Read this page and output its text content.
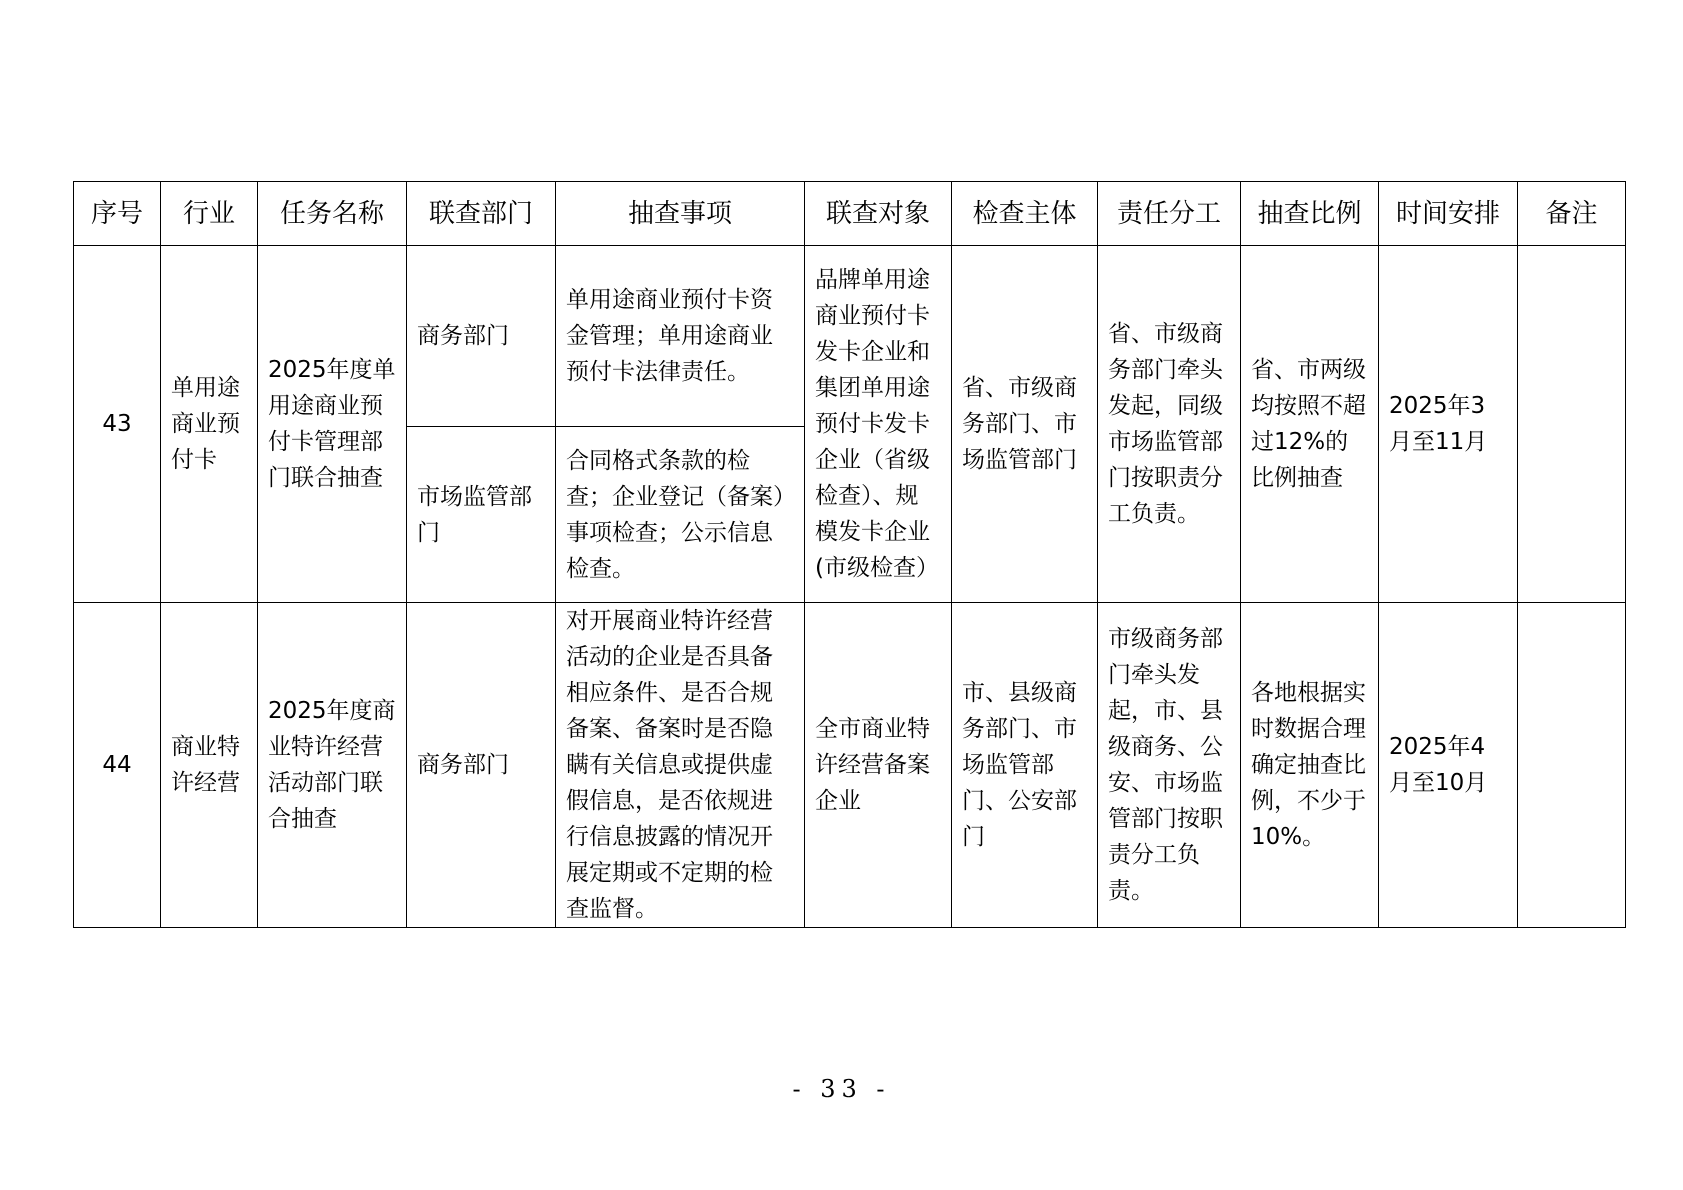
序号	行业	任务名称	联查部门	抽查事项	联查对象	检查主体	责任分工	抽查比例	时间安排	备注
43	单用途商业预付卡	2025年度单用途商业预付卡管理部门联合抽查	商务部门	单用途商业预付卡资金管理；单用途商业预付卡法律责任。	品牌单用途商业预付卡发卡企业和集团单用途预付卡发卡企业（省级检查）、规模发卡企业(市级检查）	省、市级商务部门、市场监管部门	省、市级商务部门牵头发起，同级市场监管部门按职责分工负责。	省、市两级均按照不超过12%的比例抽查	2025年3月至11月	
			市场监管部门	合同格式条款的检查；企业登记（备案）事项检查；公示信息检查。						
44	商业特许经营	2025年度商业特许经营活动部门联合抽查	商务部门	对开展商业特许经营活动的企业是否具备相应条件、是否合规备案、备案时是否隐瞒有关信息或提供虚假信息，是否依规进行信息披露的情况开展定期或不定期的检查监督。	全市商业特许经营备案企业	市、县级商务部门、市场监管部门、公安部门	市级商务部门牵头发起，市、县级商务、公安、市场监管部门按职责分工负责。	各地根据实时数据合理确定抽查比例，不少于10%。	2025年4月至10月	
- 33 -
